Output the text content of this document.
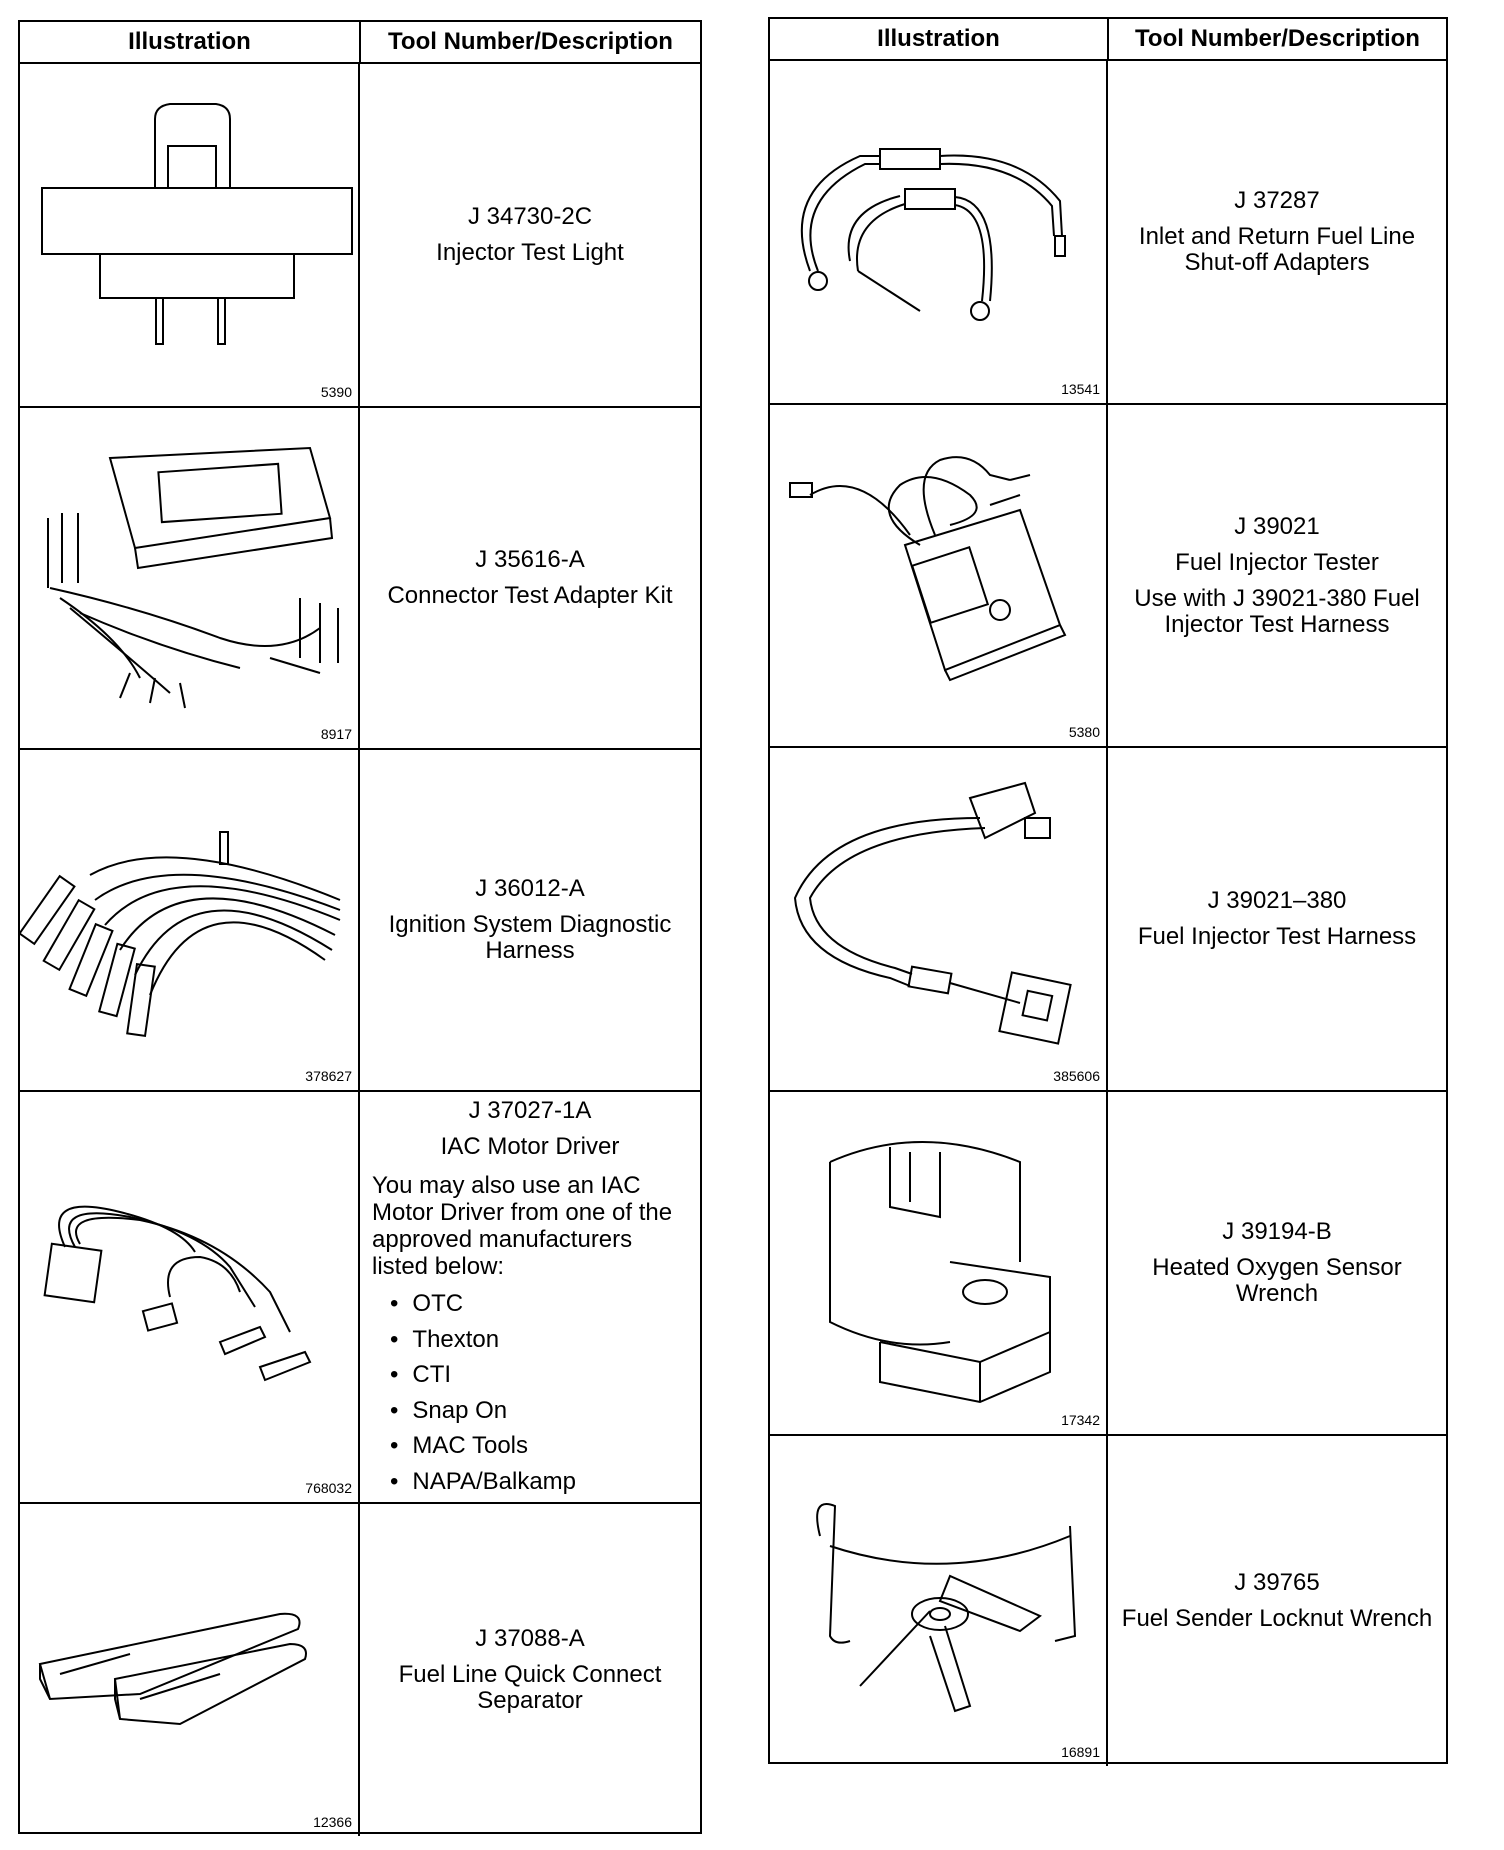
Illustration	Tool Number/Description
5390
J 34730-2C
Injector Test Light
8917
J 35616-A
Connector Test Adapter Kit
378627
J 36012-A
Ignition System Diagnostic Harness
768032
J 37027-1A
IAC Motor Driver
You may also use an IAC Motor Driver from one of the approved manufacturers listed below:
• OTC
• Thexton
• CTI
• Snap On
• MAC Tools
• NAPA/Balkamp
12366
J 37088-A
Fuel Line Quick Connect Separator
Illustration	Tool Number/Description
13541
J 37287
Inlet and Return Fuel Line Shut-off Adapters
5380
J 39021
Fuel Injector Tester
Use with J 39021-380 Fuel Injector Test Harness
385606
J 39021–380
Fuel Injector Test Harness
17342
J 39194-B
Heated Oxygen Sensor Wrench
16891
J 39765
Fuel Sender Locknut Wrench
